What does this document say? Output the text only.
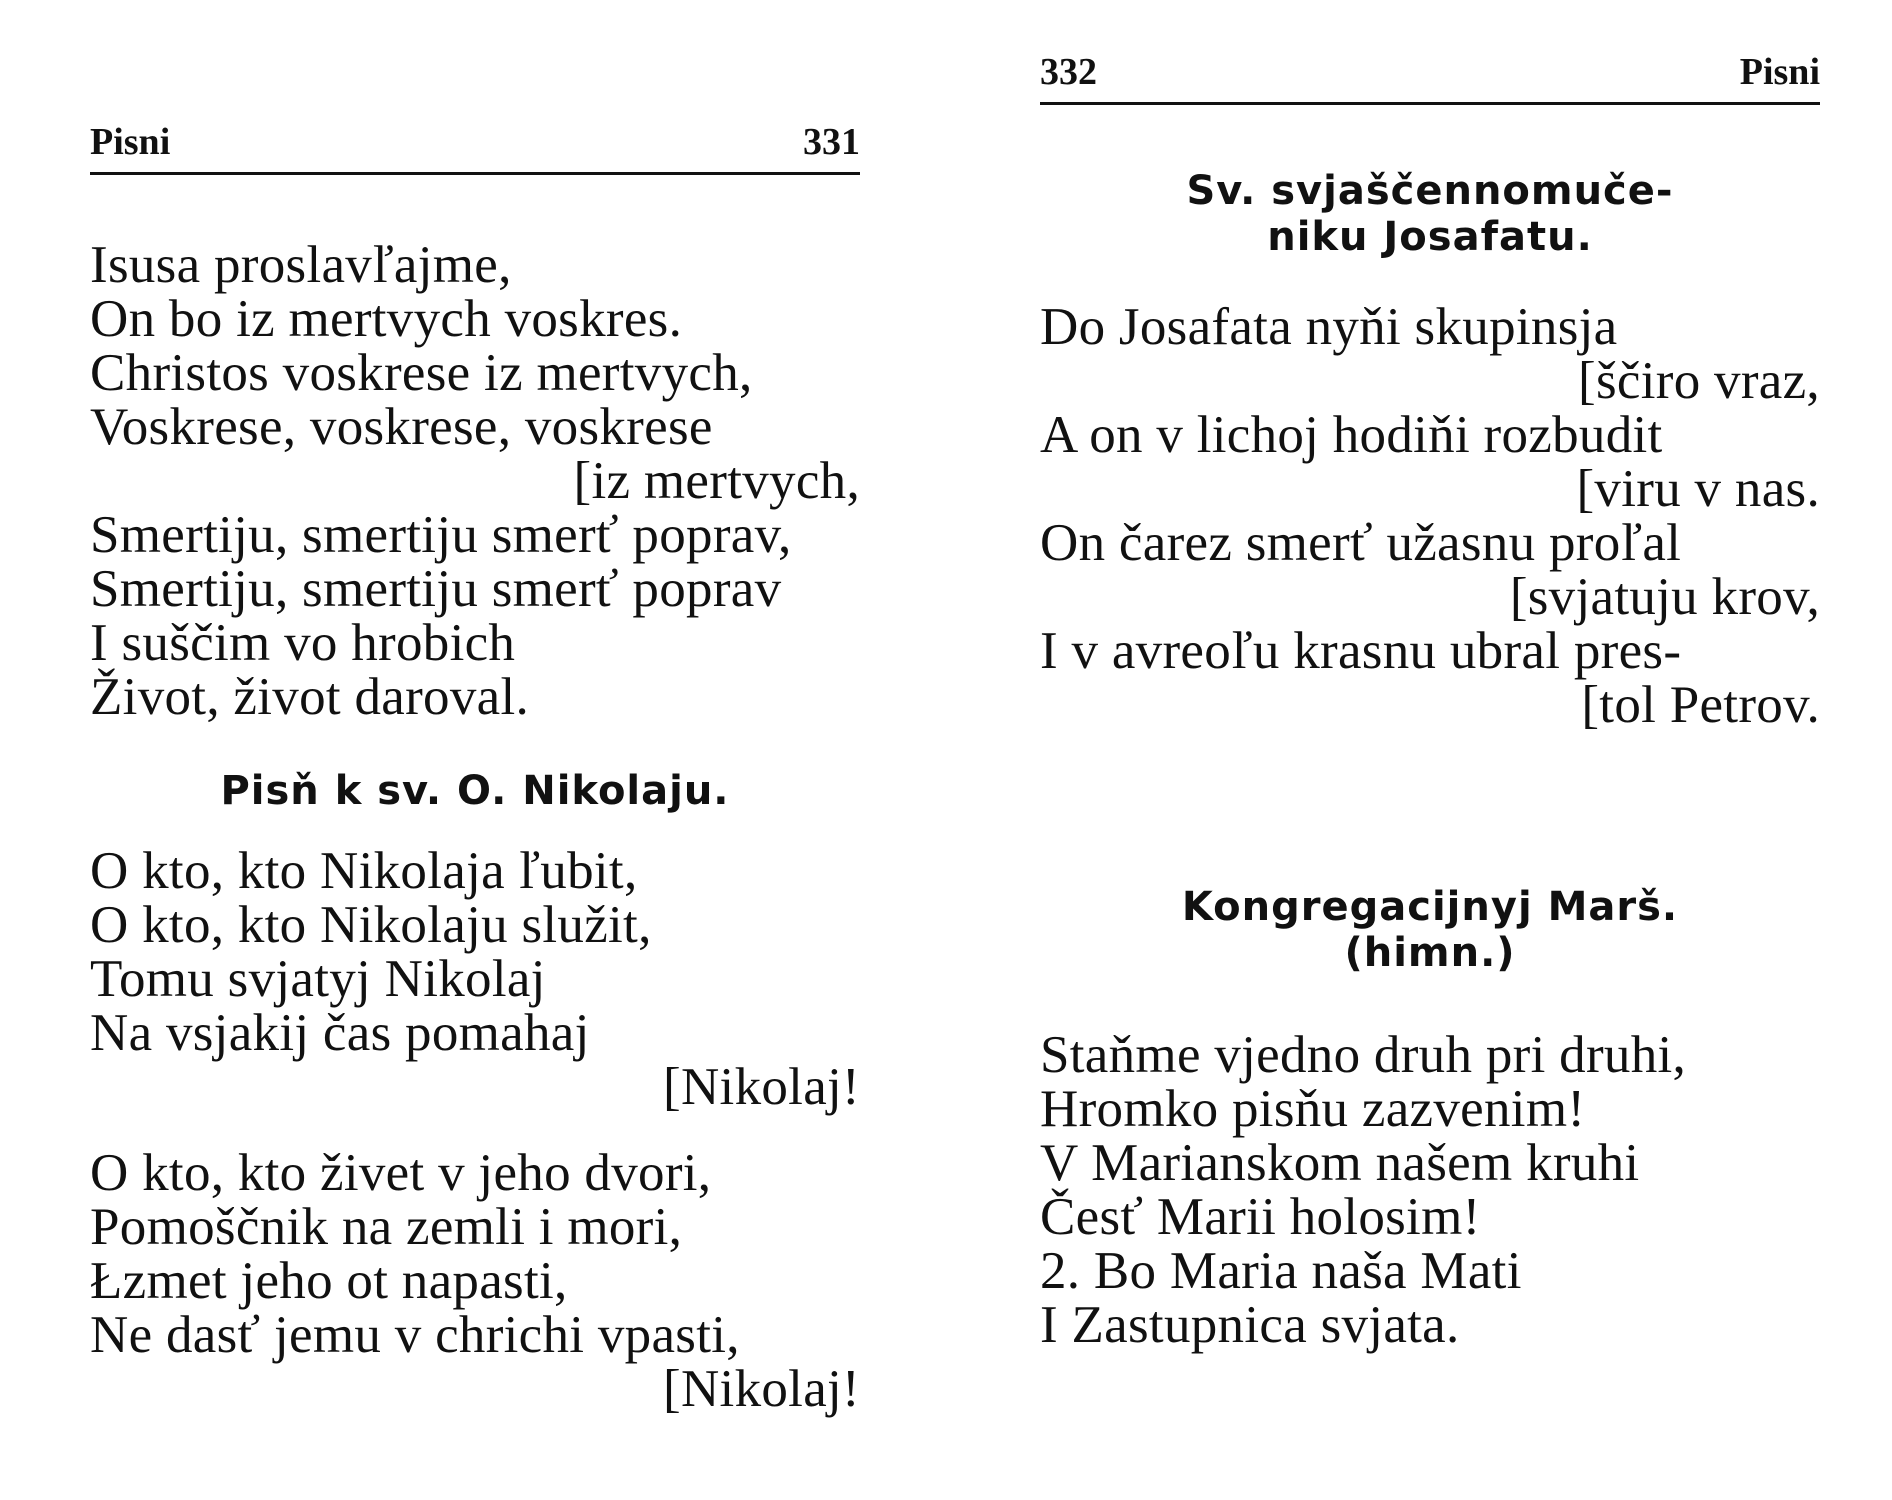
Pisni	331
Isusa proslavľajme,
On bo iz mertvych voskres.
Christos voskrese iz mertvych,
Voskrese, voskrese, voskrese
[iz mertvych,
Smertiju, smertiju smerť poprav,
Smertiju, smertiju smerť poprav
I suščim vo hrobich
Život, život daroval.
Pisň k sv. O. Nikolaju.
O kto, kto Nikolaja ľubit,
O kto, kto Nikolaju služit,
Tomu svjatyj Nikolaj
Na vsjakij čas pomahaj
[Nikolaj!
O kto, kto živet v jeho dvori,
Pomoščnik na zemli i mori,
Łzmet jeho ot napasti,
Ne dasť jemu v chrichi vpasti,
[Nikolaj!
332	Pisni
Sv. svjaščennomuče-
niku Josafatu.
Do Josafata nyňi skupinsja
[ščiro vraz,
A on v lichoj hodiňi rozbudit
[viru v nas.
On čarez smerť užasnu proľal
[svjatuju krov,
I v avreoľu krasnu ubral pres-
[tol Petrov.
Kongregacijnyj Marš.
(himn.)
Staňme vjedno druh pri druhi,
Hromko pisňu zazvenim!
V Marianskom našem kruhi
Česť Marii holosim!
2. Bo Maria naša Mati
I Zastupnica svjata.
